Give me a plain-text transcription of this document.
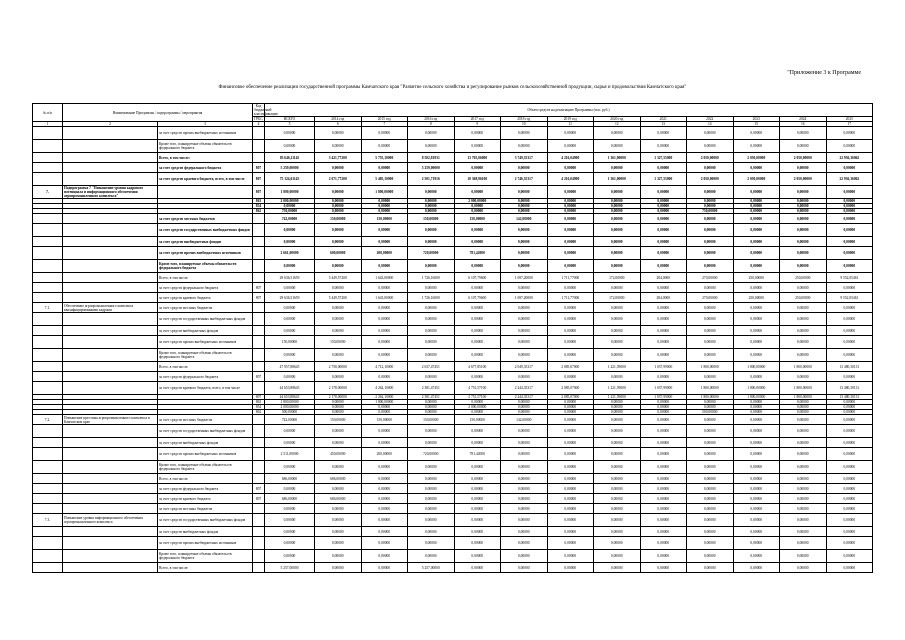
"Приложение 3 к Программе
Финансовое обеспечение реализации государственной программы Камчатского края "Развитие сельского хозяйства и регулирование рынков сельскохозяйственной продукции, сырья и продовольствия Камчатского края"
№ п/п	Наименование Программы / подпрограммы / мероприятия		Код бюджетной классификации	Объем средств на реализацию Программы (тыс. руб.)												
			ГРБС	ВСЕГО	2014 год	2015 год	2016 год	2017 год	2018 год	2019 год	2020 год	2021	2022	2023	2024	2025
1	2	3	4	5	6	7	8	9	10	11	12	13	14	15	16	17
		за счет средств прочих внебюджетных источников		0,00000	0,00000	0,00000	0,00000	0,00000	0,00000	0,00000	0,00000	0,00000	0,00000	0,00000	0,00000	0,00000
		Кроме того, планируемые объемы обязательств федерального бюджета		0,00000	0,00000	0,00000	0,00000	0,00000	0,00000	0,00000	0,00000	0,00000	0,00000	0,00000	0,00000	0,00000
		Всего, в том числе:		83 646,11145	3 421,77200	5 755,10000	8 502,81931	13 765,06000	3 749,35317	4 216,04900	1 361,00000	1 327,55000	2 050,00000	2 050,00000	2 050,00000	22 936,36062
		за счет средств федерального бюджета	807	5 259,00000	0,00000	0,00000	5 259,00000	0,00000	0,00000	0,00000	0,00000	0,00000	0,00000	0,00000	0,00000	0,00000
		за счет средств краевого бюджета, всего, в том числе	807	75 124,61145	2 671,77200	5 405,10000	2 501,71916	10 368,96100	2 746,35317	4 216,04900	1 361,00000	1 327,55000	2 050,00000	2 050,00000	2 050,00000	22 936,36062
7.	Подпрограмма 7 "Повышение уровня кадрового потенциала и информационного обеспечения агропромышленного комплекса"		807	1 800,00000	0,00000	1 800,00000	0,00000	0,00000	0,00000	0,00000	0,00000	0,00000	0,00000	0,00000	0,00000	0,00000
			863	2 000,00000	0,00000	0,00000	0,00000	2 000,00000	0,00000	0,00000	0,00000	0,00000	0,00000	0,00000	0,00000	0,00000
			854	0,00000	0,00000	0,00000	0,00000	0,00000	0,00000	0,00000	0,00000	0,00000	0,00000	0,00000	0,00000	0,00000
			862	750,00000	0,00000	0,00000	0,00000	0,00000	0,00000	0,00000	0,00000	0,00000	750,00000	0,00000	0,00000	0,00000
		за счет средств местных бюджетов		742,00000	150,00000	150,00000	150,00000	150,00000	142,00000	0,00000	0,00000	0,00000	0,00000	0,00000	0,00000	0,00000
		за счет средств государственных внебюджетных фондов		0,00000	0,00000	0,00000	0,00000	0,00000	0,00000	0,00000	0,00000	0,00000	0,00000	0,00000	0,00000	0,00000
		за счет средств внебюджетных фондов		0,00000	0,00000	0,00000	0,00000	0,00000	0,00000	0,00000	0,00000	0,00000	0,00000	0,00000	0,00000	0,00000
		за счет средств прочих внебюджетных источников		2 661,00000	600,00000	200,00000	720,00000	781,42000	0,00000	0,00000	0,00000	0,00000	0,00000	0,00000	0,00000	0,00000
		Кроме того, планируемые объемы обязательств федерального бюджета		0,00000	0,00000	0,00000	0,00000	0,00000	0,00000	0,00000	0,00000	0,00000	0,00000	0,00000	0,00000	0,00000
		Всего, в том числе:		29 636,51659	5 449,57200	1 643,00000	1 726,16000	6 107,79600	1 697,20000	1 711,77000	172,00000	284,0000	270,00000	250,00000	250,00000	9 552,05461
		за счет средств федерального бюджета	807	0,00000	0,00000	0,00000	0,00000	0,00000	0,00000	0,00000	0,00000	0,00000	0,00000	0,00000	0,00000	0,00000
		за счет средств краевого бюджета	807	29 636,51659	5 449,57200	1 643,00000	1 726,16000	6 107,79600	1 697,20000	1 711,77000	172,00000	284,0000	270,00000	250,00000	250,00000	9 552,05461
7.1.	Обеспечение агропромышленного комплекса квалифицированными кадрами	за счет средств местных бюджетов		0,00000	0,00000	0,00000	0,00000	0,00000	0,00000	0,00000	0,00000	0,00000	0,00000	0,00000	0,00000	0,00000
		за счет средств государственных внебюджетных фондов		0,00000	0,00000	0,00000	0,00000	0,00000	0,00000	0,00000	0,00000	0,00000	0,00000	0,00000	0,00000	0,00000
		за счет средств внебюджетных фондов		0,00000	0,00000	0,00000	0,00000	0,00000	0,00000	0,00000	0,00000	0,00000	0,00000	0,00000	0,00000	0,00000
		за счет средств прочих внебюджетных источников		150,00000	150,00000	0,00000	0,00000	0,00000	0,00000	0,00000	0,00000	0,00000	0,00000	0,00000	0,00000	0,00000
		Кроме того, планируемые объемы обязательств федерального бюджета		0,00000	0,00000	0,00000	0,00000	0,00000	0,00000	0,00000	0,00000	0,00000	0,00000	0,00000	0,00000	0,00000
		Всего, в том числе:		47 957,88645	2 758,00000	4 712,10000	2 637,47451	4 677,85100	2 049,35317	2 085,07000	1 221,59000	1 037,99000	1 800,00000	1 800,00000	1 800,00000	13 480,30131
		за счет средств федерального бюджета	807	0,00000	0,00000	0,00000	0,00000	0,00000	0,00000	0,00000	0,00000	0,00000	0,00000	0,00000	0,00000	0,00000
		за счет средств краевого бюджета, всего, в том числе		44 653,88645	2 178,00000	4 262,10000	2 381,47451	4 751,57100	2 244,35317	2 085,07000	1 221,59000	1 037,99000	1 800,00000	1 800,00000	1 800,00000	13 480,30131
			807	44 653,88645	2 178,00000	2 262,10000	2 381,47451	2 751,57100	2 244,35317	2 085,07000	1 221,59000	1 037,99000	1 800,00000	1 800,00000	1 800,00000	13 480,30131
			863	1 800,00000	0,00000	1 800,00000	0,00000	0,00000	0,00000	0,00000	0,00000	0,00000	0,00000	0,00000	0,00000	0,00000
			854	2 000,00000	0,00000	0,00000	0,00000	2 000,00000	0,00000	0,00000	0,00000	0,00000	0,00000	0,00000	0,00000	0,00000
			862	500,00000	0,00000	0,00000	0,00000	0,00000	0,00000	0,00000	0,00000	0,00000	500,00000	0,00000	0,00000	0,00000
7.2.	Повышение престижа агропромышленного комплекса в Камчатском крае	за счет средств местных бюджетов		742,00000	150,00000	150,00000	150,00000	150,00000	142,00000	0,00000	0,00000	0,00000	0,00000	0,00000	0,00000	0,00000
		за счет средств государственных внебюджетных фондов		0,00000	0,00000	0,00000	0,00000	0,00000	0,00000	0,00000	0,00000	0,00000	0,00000	0,00000	0,00000	0,00000
		за счет средств внебюджетных фондов		0,00000	0,00000	0,00000	0,00000	0,00000	0,00000	0,00000	0,00000	0,00000	0,00000	0,00000	0,00000	0,00000
		за счет средств прочих внебюджетных источников		2 511,00000	450,00000	200,00000	720,00000	781,42000	0,00000	0,00000	0,00000	0,00000	0,00000	0,00000	0,00000	0,00000
		Кроме того, планируемые объемы обязательств федерального бюджета		0,00000	0,00000	0,00000	0,00000	0,00000	0,00000	0,00000	0,00000	0,00000	0,00000	0,00000	0,00000	0,00000
		Всего, в том числе:		686,00000	686,00000	0,00000	0,00000	0,00000	0,00000	0,00000	0,00000	0,00000	0,00000	0,00000	0,00000	0,00000
		за счет средств федерального бюджета	807	0,00000	0,00000	0,00000	0,00000	0,00000	0,00000	0,00000	0,00000	0,00000	0,00000	0,00000	0,00000	0,00000
		за счет средств краевого бюджета	807	686,00000	686,00000	0,00000	0,00000	0,00000	0,00000	0,00000	0,00000	0,00000	0,00000	0,00000	0,00000	0,00000
		за счет средств местных бюджетов		0,00000	0,00000	0,00000	0,00000	0,00000	0,00000	0,00000	0,00000	0,00000	0,00000	0,00000	0,00000	0,00000
7.3.	Повышение уровня информационного обеспечения агропромышленного комплекса	за счет средств государственных внебюджетных фондов		0,00000	0,00000	0,00000	0,00000	0,00000	0,00000	0,00000	0,00000	0,00000	0,00000	0,00000	0,00000	0,00000
		за счет средств внебюджетных фондов		0,00000	0,00000	0,00000	0,00000	0,00000	0,00000	0,00000	0,00000	0,00000	0,00000	0,00000	0,00000	0,00000
		за счет средств прочих внебюджетных источников		0,00000	0,00000	0,00000	0,00000	0,00000	0,00000	0,00000	0,00000	0,00000	0,00000	0,00000	0,00000	0,00000
		Кроме того, планируемые объемы обязательств федерального бюджета		0,00000	0,00000	0,00000	0,00000	0,00000	0,00000	0,00000	0,00000	0,00000	0,00000	0,00000	0,00000	0,00000
		Всего, в том числе:		5 257,00000	0,00000	0,00000	5 257,00000	0,00000	0,00000	0,00000	0,00000	0,00000	0,00000	0,00000	0,00000	0,00000
